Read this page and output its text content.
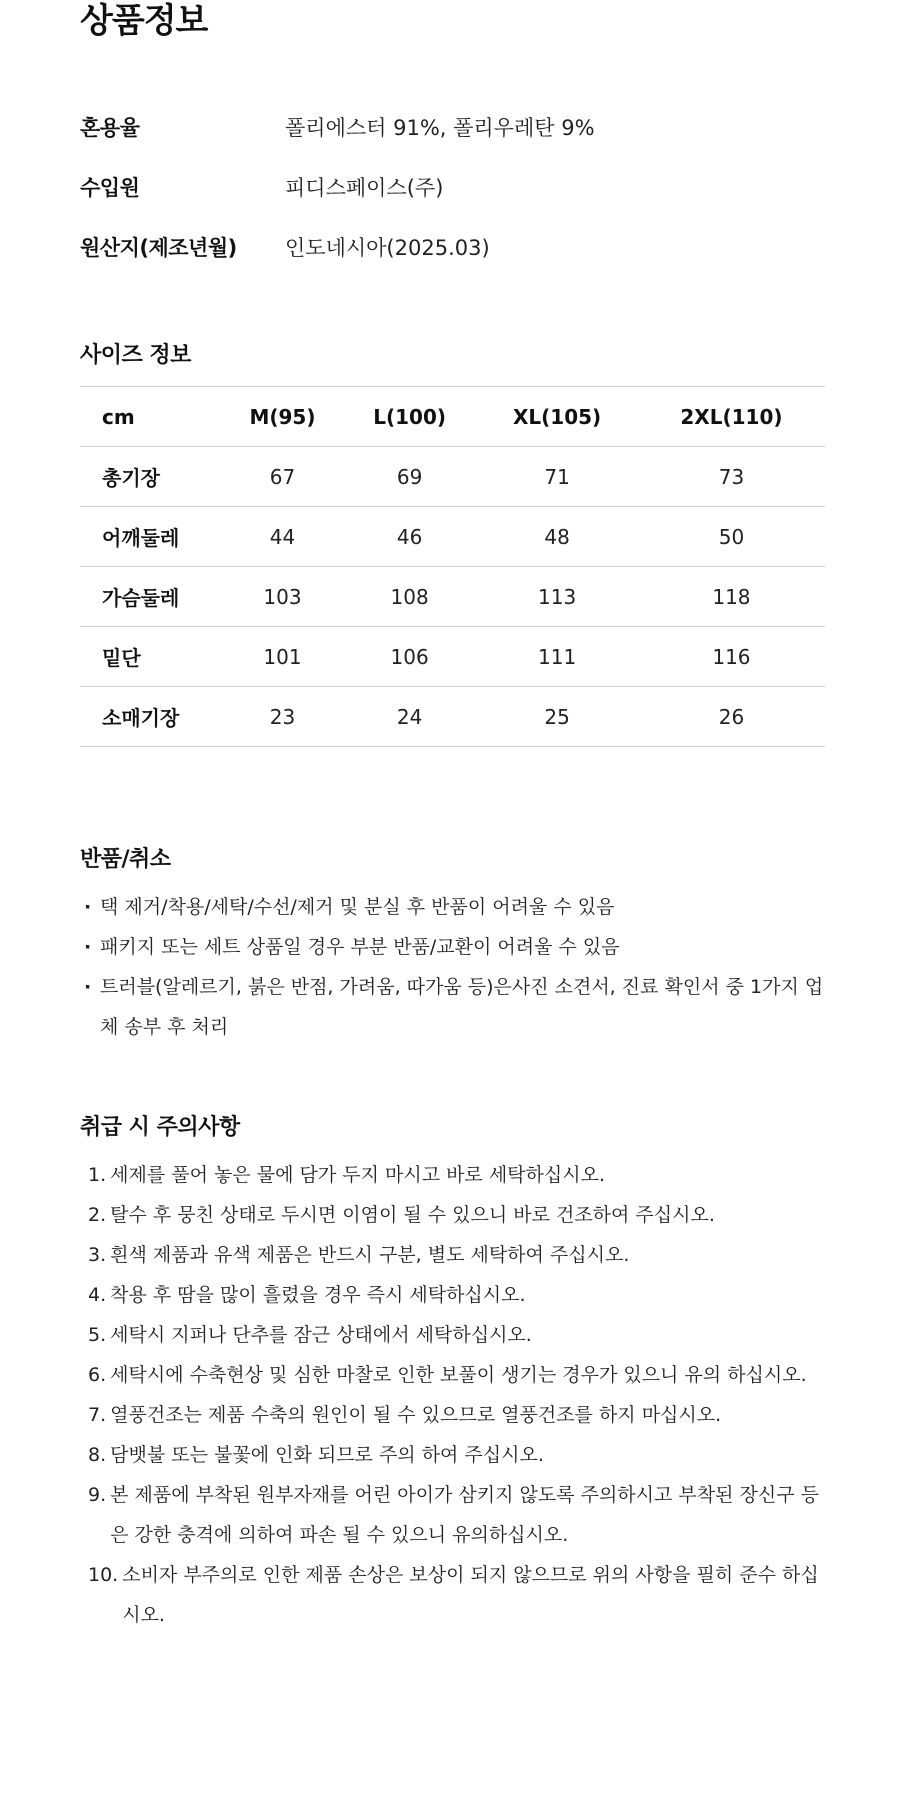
상품정보
혼용율	폴리에스터 91%, 폴리우레탄 9%
수입원	피디스페이스(주)
원산지(제조년월)	인도네시아(2025.03)
사이즈 정보
cm	M(95)	L(100)	XL(105)	2XL(110)
총기장	67	69	71	73
어깨둘레	44	46	48	50
가슴둘레	103	108	113	118
밑단	101	106	111	116
소매기장	23	24	25	26
반품/취소
· 택 제거/착용/세탁/수선/제거 및 분실 후 반품이 어려울 수 있음
· 패키지 또는 세트 상품일 경우 부분 반품/교환이 어려울 수 있음
· 트러블(알레르기, 붉은 반점, 가려움, 따가움 등)은사진 소견서, 진료 확인서 중 1가지 업체 송부 후 처리
취급 시 주의사항
1. 세제를 풀어 놓은 물에 담가 두지 마시고 바로 세탁하십시오.
2. 탈수 후 뭉친 상태로 두시면 이염이 될 수 있으니 바로 건조하여 주십시오.
3. 흰색 제품과 유색 제품은 반드시 구분, 별도 세탁하여 주십시오.
4. 착용 후 땀을 많이 흘렸을 경우 즉시 세탁하십시오.
5. 세탁시 지퍼나 단추를 잠근 상태에서 세탁하십시오.
6. 세탁시에 수축현상 및 심한 마찰로 인한 보풀이 생기는 경우가 있으니 유의 하십시오.
7. 열풍건조는 제품 수축의 원인이 될 수 있으므로 열풍건조를 하지 마십시오.
8. 담뱃불 또는 불꽃에 인화 되므로 주의 하여 주십시오.
9. 본 제품에 부착된 원부자재를 어린 아이가 삼키지 않도록 주의하시고 부착된 장신구 등은 강한 충격에 의하여 파손 될 수 있으니 유의하십시오.
10. 소비자 부주의로 인한 제품 손상은 보상이 되지 않으므로 위의 사항을 필히 준수 하십시오.
